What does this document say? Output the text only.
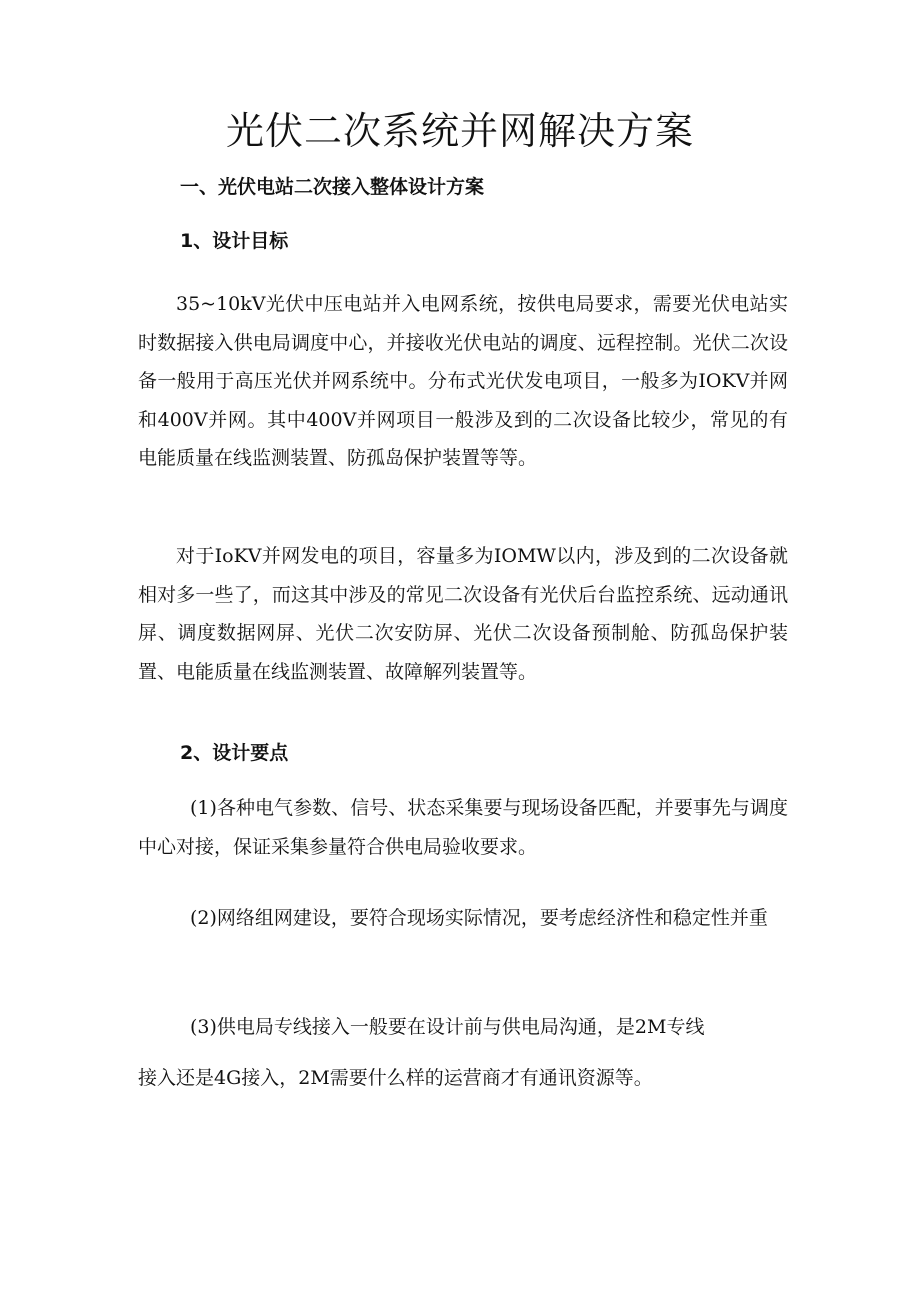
光伏二次系统并网解决方案
一、光伏电站二次接入整体设计方案
1、设计目标

35~10kV光伏中压电站并入电网系统，按供电局要求，需要光伏电站实时数据接入供电局调度中心，并接收光伏电站的调度、远程控制。光伏二次设备一般用于高压光伏并网系统中。分布式光伏发电项目，一般多为IOKV并网和400V并网。其中400V并网项目一般涉及到的二次设备比较少，常见的有电能质量在线监测装置、防孤岛保护装置等等。

对于IoKV并网发电的项目，容量多为IOMW以内，涉及到的二次设备就相对多一些了，而这其中涉及的常见二次设备有光伏后台监控系统、远动通讯屏、调度数据网屏、光伏二次安防屏、光伏二次设备预制舱、防孤岛保护装置、电能质量在线监测装置、故障解列装置等。

2、设计要点

(1)各种电气参数、信号、状态采集要与现场设备匹配，并要事先与调度中心对接，保证采集参量符合供电局验收要求。

(2)网络组网建设，要符合现场实际情况，要考虑经济性和稳定性并重

(3)供电局专线接入一般要在设计前与供电局沟通，是2M专线

接入还是4G接入，2M需要什么样的运营商才有通讯资源等。
